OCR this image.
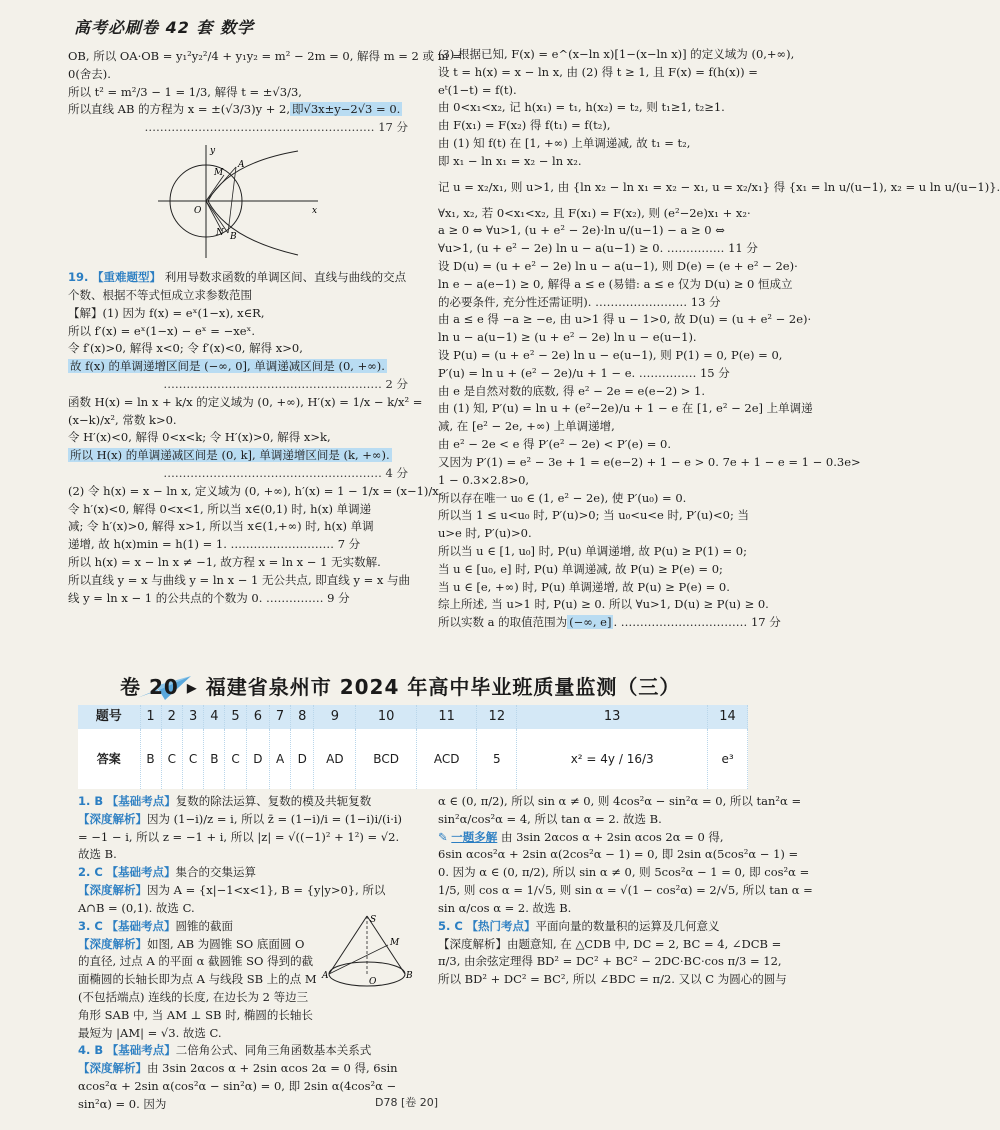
高考必刷卷 42 套 数学

OB, 所以 OA·OB = y₁²y₂²/4 + y₁y₂ = m² − 2m = 0, 解得 m = 2 或 m =

0(舍去).

所以 t² = m²/3 − 1 = 1/3, 解得 t = ±√3/3,

所以直线 AB 的方程为 x = ±(√3/3)y + 2, 即√3x±y−2√3 = 0.

…………………………………………………… 17 分

x
y
O
A
M
B
N

19. 【重难题型】 利用导数求函数的单调区间、直线与曲线的交点个数、根据不等式恒成立求参数范围

【解】(1) 因为 f(x) = eˣ(1−x), x∈R,

所以 f′(x) = eˣ(1−x) − eˣ = −xeˣ.

令 f′(x)>0, 解得 x<0; 令 f′(x)<0, 解得 x>0,

故 f(x) 的单调递增区间是 (−∞, 0], 单调递减区间是 (0, +∞).

………………………………………………… 2 分

函数 H(x) = ln x + k/x 的定义域为 (0, +∞), H′(x) = 1/x − k/x² =

(x−k)/x², 常数 k>0.

令 H′(x)<0, 解得 0<x<k; 令 H′(x)>0, 解得 x>k,

所以 H(x) 的单调递减区间是 (0, k], 单调递增区间是 (k, +∞).

………………………………………………… 4 分

(2) 令 h(x) = x − ln x, 定义域为 (0, +∞), h′(x) = 1 − 1/x = (x−1)/x.

令 h′(x)<0, 解得 0<x<1, 所以当 x∈(0,1) 时, h(x) 单调递

减; 令 h′(x)>0, 解得 x>1, 所以当 x∈(1,+∞) 时, h(x) 单调

递增, 故 h(x)min = h(1) = 1. ……………………… 7 分

所以 h(x) = x − ln x ≠ −1, 故方程 x = ln x − 1 无实数解.

所以直线 y = x 与曲线 y = ln x − 1 无公共点, 即直线 y = x 与曲

线 y = ln x − 1 的公共点的个数为 0. …………… 9 分

(3) 根据已知, F(x) = e^(x−ln x)[1−(x−ln x)] 的定义域为 (0,+∞),

设 t = h(x) = x − ln x, 由 (2) 得 t ≥ 1, 且 F(x) = f(h(x)) =

eᵗ(1−t) = f(t).

由 0<x₁<x₂, 记 h(x₁) = t₁, h(x₂) = t₂, 则 t₁≥1, t₂≥1.

由 F(x₁) = F(x₂) 得 f(t₁) = f(t₂),

由 (1) 知 f(t) 在 [1, +∞) 上单调递减, 故 t₁ = t₂,

即 x₁ − ln x₁ = x₂ − ln x₂.

记 u = x₂/x₁, 则 u>1, 由 {ln x₂ − ln x₁ = x₂ − x₁, u = x₂/x₁} 得 {x₁ = ln u/(u−1), x₂ = u ln u/(u−1)}.

∀x₁, x₂, 若 0<x₁<x₂, 且 F(x₁) = F(x₂), 则 (e²−2e)x₁ + x₂·

a ≥ 0 ⇔ ∀u>1, (u + e² − 2e)·ln u/(u−1) − a ≥ 0 ⇔

∀u>1, (u + e² − 2e) ln u − a(u−1) ≥ 0. …………… 11 分

设 D(u) = (u + e² − 2e) ln u − a(u−1), 则 D(e) = (e + e² − 2e)·

ln e − a(e−1) ≥ 0, 解得 a ≤ e (易错: a ≤ e 仅为 D(u) ≥ 0 恒成立

的必要条件, 充分性还需证明). …………………… 13 分

由 a ≤ e 得 −a ≥ −e, 由 u>1 得 u − 1>0, 故 D(u) = (u + e² − 2e)·

ln u − a(u−1) ≥ (u + e² − 2e) ln u − e(u−1).

设 P(u) = (u + e² − 2e) ln u − e(u−1), 则 P(1) = 0, P(e) = 0,

P′(u) = ln u + (e² − 2e)/u + 1 − e. …………… 15 分

由 e 是自然对数的底数, 得 e² − 2e = e(e−2) > 1.

由 (1) 知, P′(u) = ln u + (e²−2e)/u + 1 − e 在 [1, e² − 2e] 上单调递

减, 在 [e² − 2e, +∞) 上单调递增,

由 e² − 2e < e 得 P′(e² − 2e) < P′(e) = 0.

又因为 P′(1) = e² − 3e + 1 = e(e−2) + 1 − e > 0. 7e + 1 − e = 1 − 0.3e>

1 − 0.3×2.8>0,

所以存在唯一 u₀ ∈ (1, e² − 2e), 使 P′(u₀) = 0.

所以当 1 ≤ u<u₀ 时, P′(u)>0; 当 u₀<u<e 时, P′(u)<0; 当

u>e 时, P′(u)>0.

所以当 u ∈ [1, u₀] 时, P(u) 单调递增, 故 P(u) ≥ P(1) = 0;

当 u ∈ [u₀, e] 时, P(u) 单调递减, 故 P(u) ≥ P(e) = 0;

当 u ∈ [e, +∞) 时, P(u) 单调递增, 故 P(u) ≥ P(e) = 0.

综上所述, 当 u>1 时, P(u) ≥ 0. 所以 ∀u>1, D(u) ≥ P(u) ≥ 0.

所以实数 a 的取值范围为 (−∞, e] . …………………………… 17 分

卷 20 ▸ 福建省泉州市 2024 年高中毕业班质量监测（三）
题号	1	2	3	4	5	6	7	8	9	10	11	12	13	14
答案	B	C	C	B	C	D	A	D	AD	BCD	ACD	5	x² = 4y / 16/3	e³

1. B 【基础考点】复数的除法运算、复数的模及共轭复数

【深度解析】因为 (1−i)/z = i, 所以 z̄ = (1−i)/i = (1−i)i/(i·i) = −1 − i, 所以 z = −1 + i, 所以 |z| = √((−1)² + 1²) = √2. 故选 B.

2. C 【基础考点】集合的交集运算

【深度解析】因为 A = {x|−1<x<1}, B = {y|y>0}, 所以 A∩B = (0,1). 故选 C.

3. C 【基础考点】圆锥的截面

【深度解析】如图, AB 为圆锥 SO 底面圆 O 的直径, 过点 A 的平面 α 截圆锥 SO 得到的截面椭圆的长轴长即为点 A 与线段 SB 上的点 M (不包括端点) 连线的长度, 在边长为 2 等边三角形 SAB 中, 当 AM ⊥ SB 时, 椭圆的长轴长最短为 |AM| = √3. 故选 C.

4. B 【基础考点】二倍角公式、同角三角函数基本关系式

【深度解析】由 3sin 2αcos α + 2sin αcos 2α = 0 得, 6sin αcos²α + 2sin α(cos²α − sin²α) = 0, 即 2sin α(4cos²α − sin²α) = 0. 因为

S
A	B
O
M

α ∈ (0, π/2), 所以 sin α ≠ 0, 则 4cos²α − sin²α = 0, 所以 tan²α =

sin²α/cos²α = 4, 所以 tan α = 2. 故选 B.

✎ 一题多解 由 3sin 2αcos α + 2sin αcos 2α = 0 得,

6sin αcos²α + 2sin α(2cos²α − 1) = 0, 即 2sin α(5cos²α − 1) =

0. 因为 α ∈ (0, π/2), 所以 sin α ≠ 0, 则 5cos²α − 1 = 0, 即 cos²α =

1/5, 则 cos α = 1/√5, 则 sin α = √(1 − cos²α) = 2/√5, 所以 tan α =

sin α/cos α = 2. 故选 B.

5. C 【热门考点】平面向量的数量积的运算及几何意义

【深度解析】由题意知, 在 △CDB 中, DC = 2, BC = 4, ∠DCB =

π/3, 由余弦定理得 BD² = DC² + BC² − 2DC·BC·cos π/3 = 12,

所以 BD² + DC² = BC², 所以 ∠BDC = π/2. 又以 C 为圆心的圆与

D78 [卷 20]
